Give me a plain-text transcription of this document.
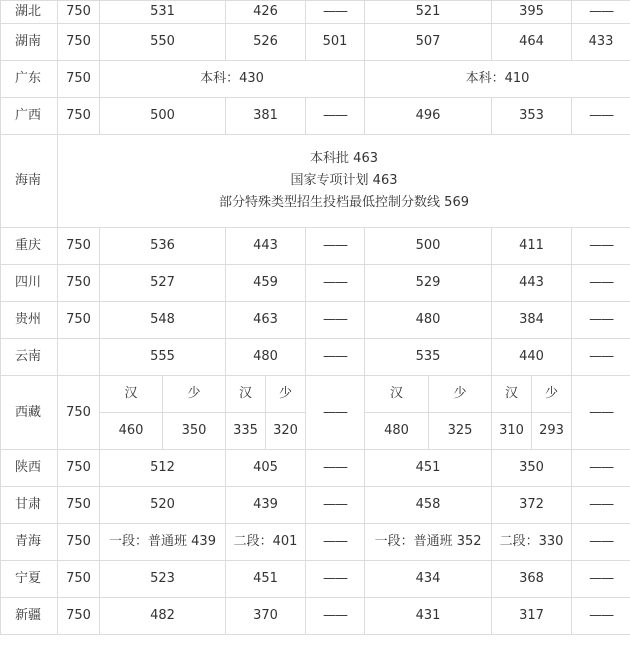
湖北	750	531		426		——	521		395		——
湖南	750	550		526		501	507		464		433
广东	750	本科：430					本科：410				
广西	750	500		381		——	496		353		——
海南	本科批 463
国家专项计划 463
部分特殊类型招生投档最低控制分数线 569										

重庆	750	536		443		——	500		411		——
四川	750	527		459		——	529		443		——
贵州	750	548		463		——	480		384		——
云南		555		480		——	535		440		——
西藏	750	汉	少	汉	少	——	汉	少	汉	少	——
		460	350	335	320		480	325	310	293	
陕西	750	512		405		——	451		350		——
甘肃	750	520		439		——	458		372		——
青海	750	一段：普通班 439		二段：401		——	一段：普通班 352		二段：330		——
宁夏	750	523		451		——	434		368		——
新疆	750	482		370		——	431		317		——
